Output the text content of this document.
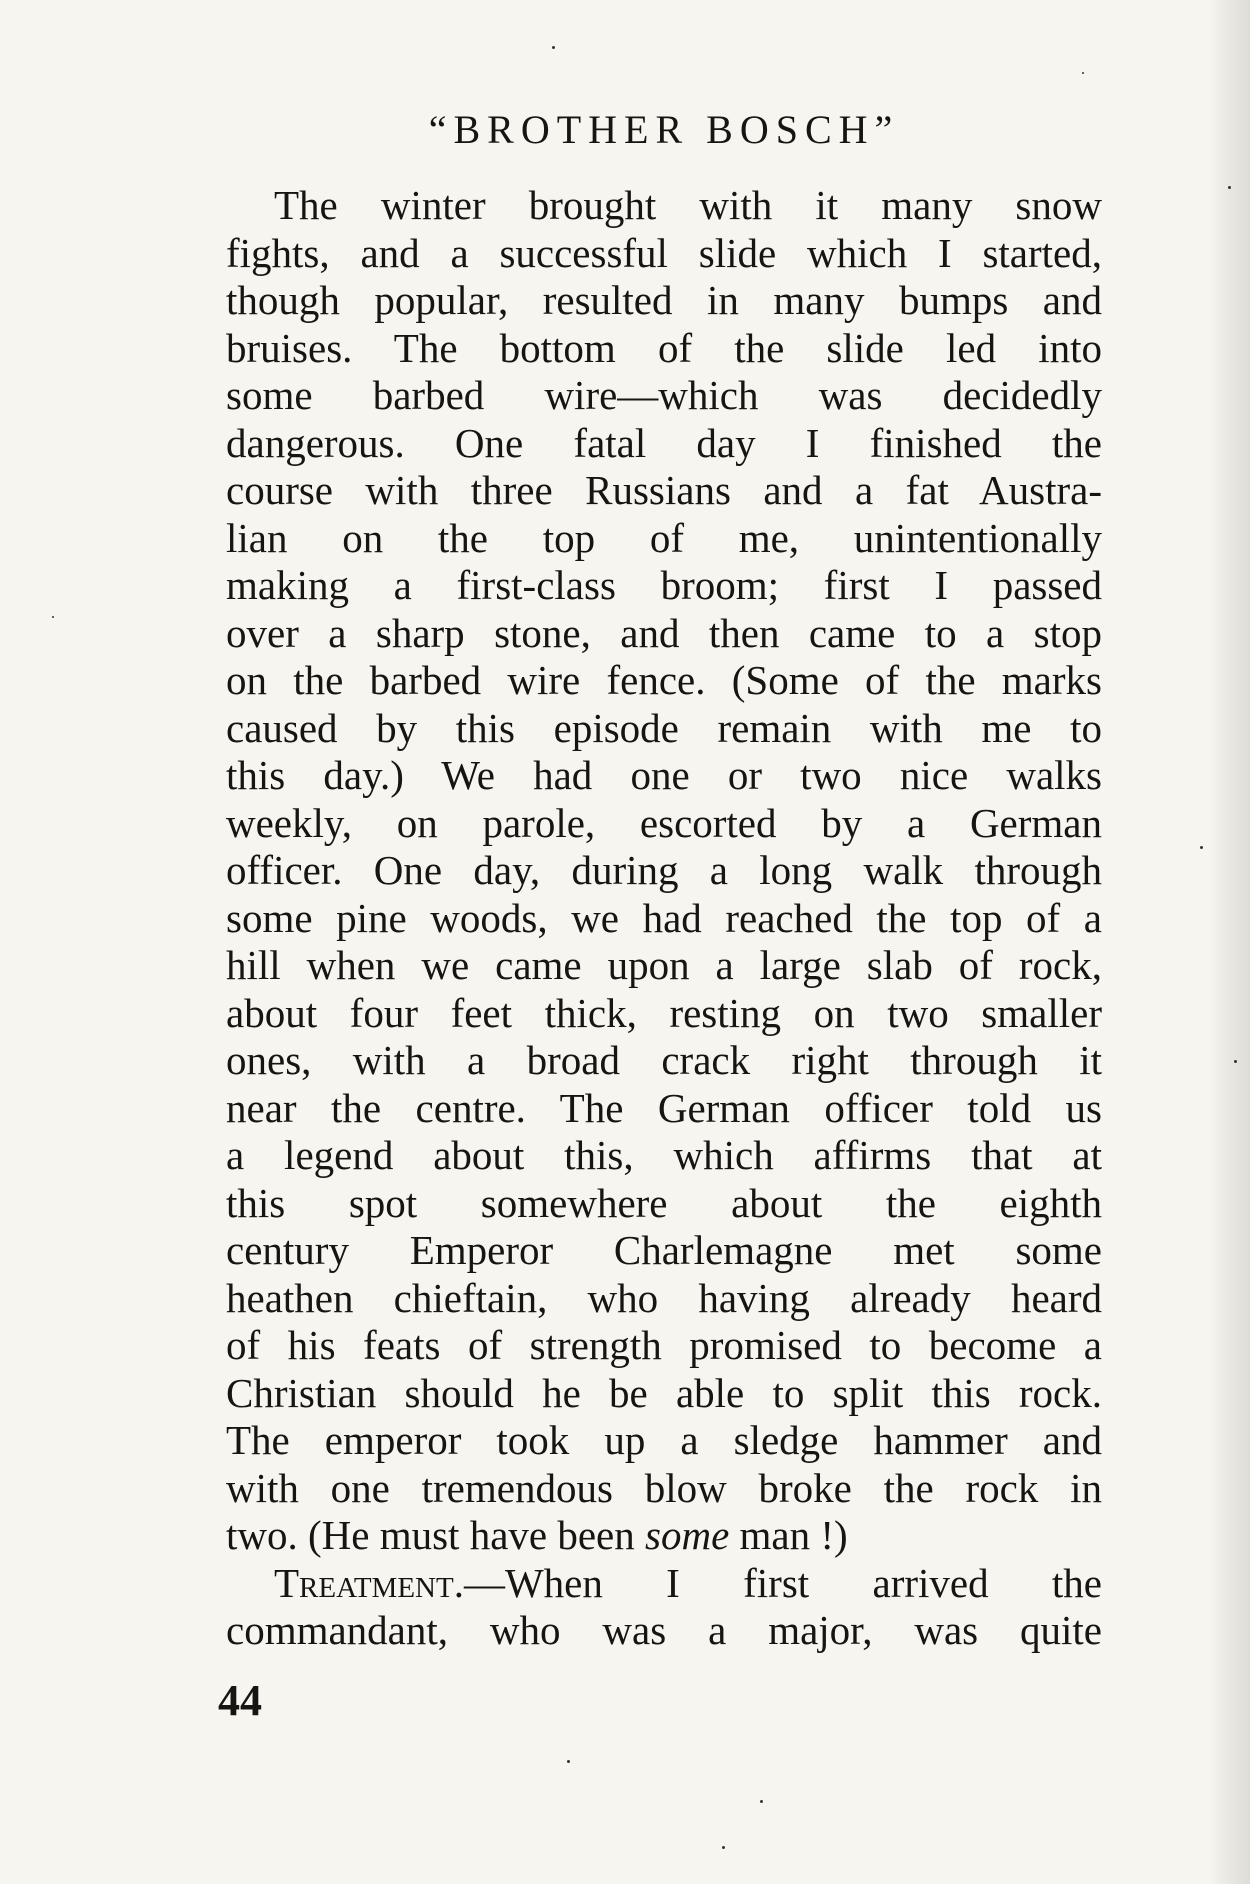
“BROTHER BOSCH”
The winter brought with it many snow
fights, and a successful slide which I started,
though popular, resulted in many bumps and
bruises. The bottom of the slide led into
some barbed wire—which was decidedly
dangerous. One fatal day I finished the
course with three Russians and a fat Austra-
lian on the top of me, unintentionally
making a first-class broom; first I passed
over a sharp stone, and then came to a stop
on the barbed wire fence. (Some of the marks
caused by this episode remain with me to
this day.) We had one or two nice walks
weekly, on parole, escorted by a German
officer. One day, during a long walk through
some pine woods, we had reached the top of a
hill when we came upon a large slab of rock,
about four feet thick, resting on two smaller
ones, with a broad crack right through it
near the centre. The German officer told us
a legend about this, which affirms that at
this spot somewhere about the eighth
century Emperor Charlemagne met some
heathen chieftain, who having already heard
of his feats of strength promised to become a
Christian should he be able to split this rock.
The emperor took up a sledge hammer and
with one tremendous blow broke the rock in
two. (He must have been some man !)
Treatment.—When I first arrived the
commandant, who was a major, was quite
44
